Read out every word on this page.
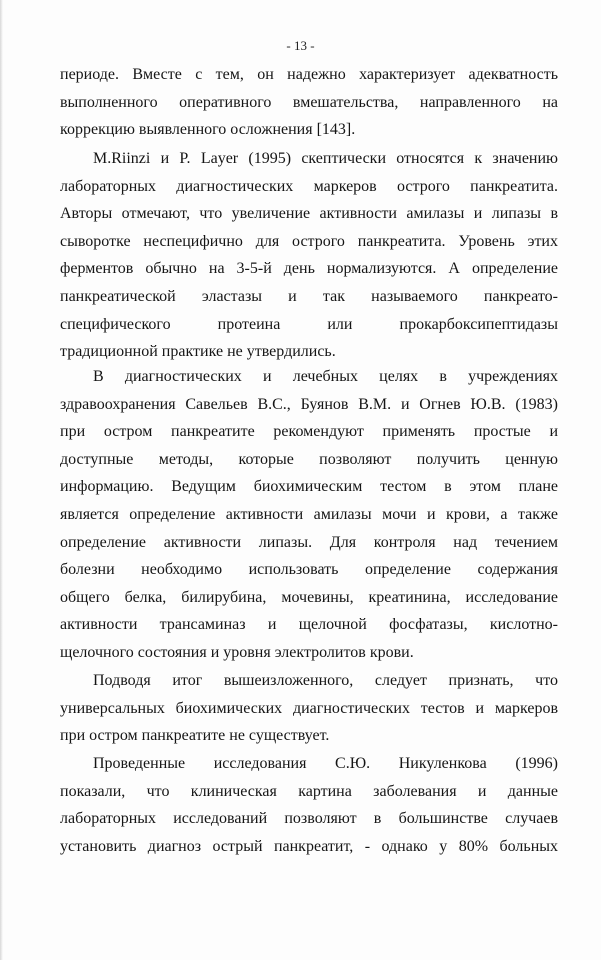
- 13 -
периоде. Вместе с тем, он надежно характеризует адекватность
выполненного оперативного вмешательства, направленного на
коррекцию выявленного осложнения [143].
M.Riinzi и P. Layer (1995) скептически относятся к значению
лабораторных диагностических маркеров острого панкреатита.
Авторы отмечают, что увеличение активности амилазы и липазы в
сыворотке неспецифично для острого панкреатита. Уровень этих
ферментов обычно на 3-5-й день нормализуются. А определение
панкреатической эластазы и так называемого панкреато-
специфического протеина или прокарбоксипептидазы
традиционной практике не утвердились.
В диагностических и лечебных целях в учреждениях
здравоохранения Савельев В.С., Буянов В.М. и Огнев Ю.В. (1983)
при остром панкреатите рекомендуют применять простые и
доступные методы, которые позволяют получить ценную
информацию. Ведущим биохимическим тестом в этом плане
является определение активности амилазы мочи и крови, а также
определение активности липазы. Для контроля над течением
болезни необходимо использовать определение содержания
общего белка, билирубина, мочевины, креатинина, исследование
активности трансаминаз и щелочной фосфатазы, кислотно-
щелочного состояния и уровня электролитов крови.
Подводя итог вышеизложенного, следует признать, что
универсальных биохимических диагностических тестов и маркеров
при остром панкреатите не существует.
Проведенные исследования С.Ю. Никуленкова (1996)
показали, что клиническая картина заболевания и данные
лабораторных исследований позволяют в большинстве случаев
установить диагноз острый панкреатит, - однако у 80% больных
